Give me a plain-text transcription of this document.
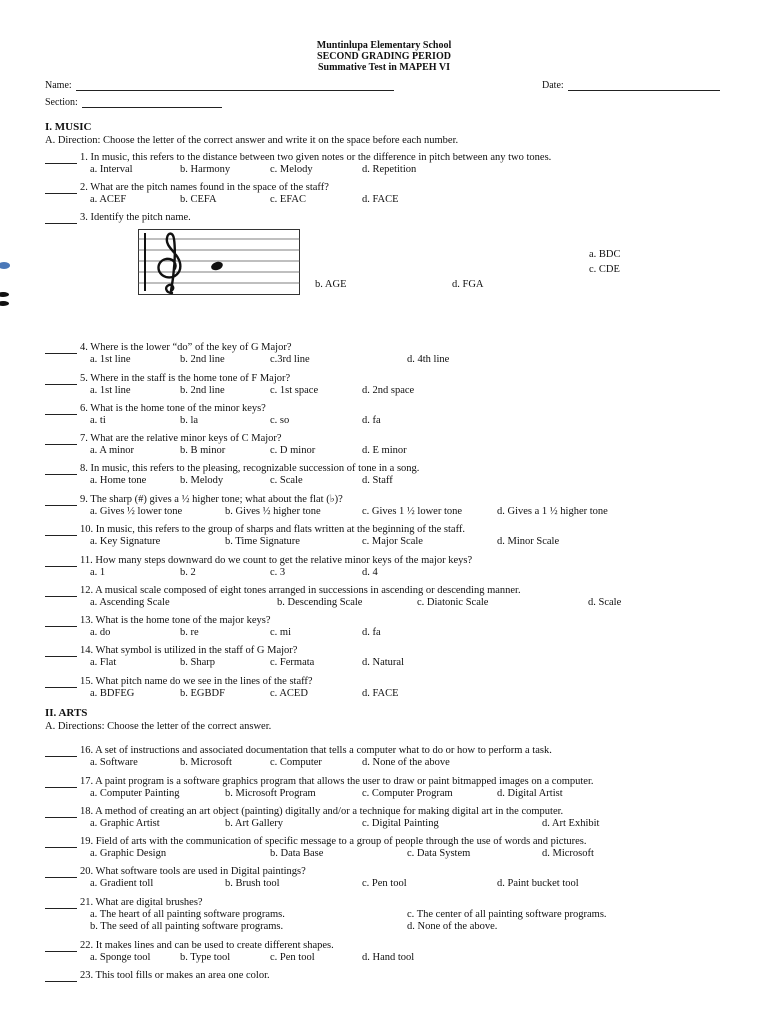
Muntinlupa Elementary School
SECOND GRADING PERIOD
Summative Test in MAPEH VI
Name:	Date:
Section:
I. MUSIC
A. Direction: Choose the letter of the correct answer and write it on the space before each number.
1. In music, this refers to the distance between two given notes or the difference in pitch between any two tones.
a. Interval	b. Harmony	c. Melody	d. Repetition
2. What are the pitch names found in the space of the staff?
a. ACEF	b. CEFA	c. EFAC	d. FACE
3. Identify the pitch name.
a. BDC
b. AGE
c. CDE
d. FGA
4. Where is the lower “do” of the key of G Major?
a. 1st line	b. 2nd line	c.3rd line	d. 4th line
5. Where in the staff is the home tone of F Major?
a. 1st line	b. 2nd line	c. 1st space	d. 2nd space
6. What is the home tone of the minor keys?
a. ti	b. la	c. so	d. fa
7. What are the relative minor keys of C Major?
a. A minor	b. B minor	c. D minor	d. E minor
8. In music, this refers to the pleasing, recognizable succession of tone in a song.
a. Home tone	b. Melody	c. Scale	d. Staff
9. The sharp (#) gives a ½ higher tone; what about the flat (♭)?
a. Gives ½ lower tone	b. Gives ½ higher tone	c. Gives 1 ½ lower tone	d. Gives a 1 ½ higher tone
10. In music, this refers to the group of sharps and flats written at the beginning of the staff.
a. Key Signature	b. Time Signature	c. Major Scale	d. Minor Scale
11. How many steps downward do we count to get the relative minor keys of the major keys?
a. 1	b. 2	c. 3	d. 4
12. A musical scale composed of eight tones arranged in successions in ascending or descending manner.
a. Ascending Scale	b. Descending Scale	c. Diatonic Scale	d. Scale
13. What is the home tone of the major keys?
a. do	b. re	c. mi	d. fa
14. What symbol is utilized in the staff of G Major?
a. Flat	b. Sharp	c. Fermata	d. Natural
15. What pitch name do we see in the lines of the staff?
a. BDFEG	b. EGBDF	c. ACED	d. FACE
II. ARTS
A. Directions: Choose the letter of the correct answer.
16. A set of instructions and associated documentation that tells a computer what to do or how to perform a task.
a. Software	b. Microsoft	c. Computer	d. None of the above
17. A paint program is a software graphics program that allows the user to draw or paint bitmapped images on a computer.
a. Computer Painting	b. Microsoft Program	c. Computer Program	d. Digital Artist
18. A method of creating an art object (painting) digitally and/or a technique for making digital art in the computer.
a. Graphic Artist	b. Art Gallery	c. Digital Painting	d. Art Exhibit
19. Field of arts with the communication of specific message to a group of people through the use of words and pictures.
a. Graphic Design	b. Data Base	c. Data System	d. Microsoft
20. What software tools are used in Digital paintings?
a. Gradient toll	b. Brush tool	c. Pen tool	d. Paint bucket tool
21. What are digital brushes?
a. The heart of all painting software programs.	c. The center of all painting software programs.
b. The seed of all painting software programs.	d. None of the above.
22. It makes lines and can be used to create different shapes.
a. Sponge tool	b. Type tool	c. Pen tool	d. Hand tool
23. This tool fills or makes an area one color.
